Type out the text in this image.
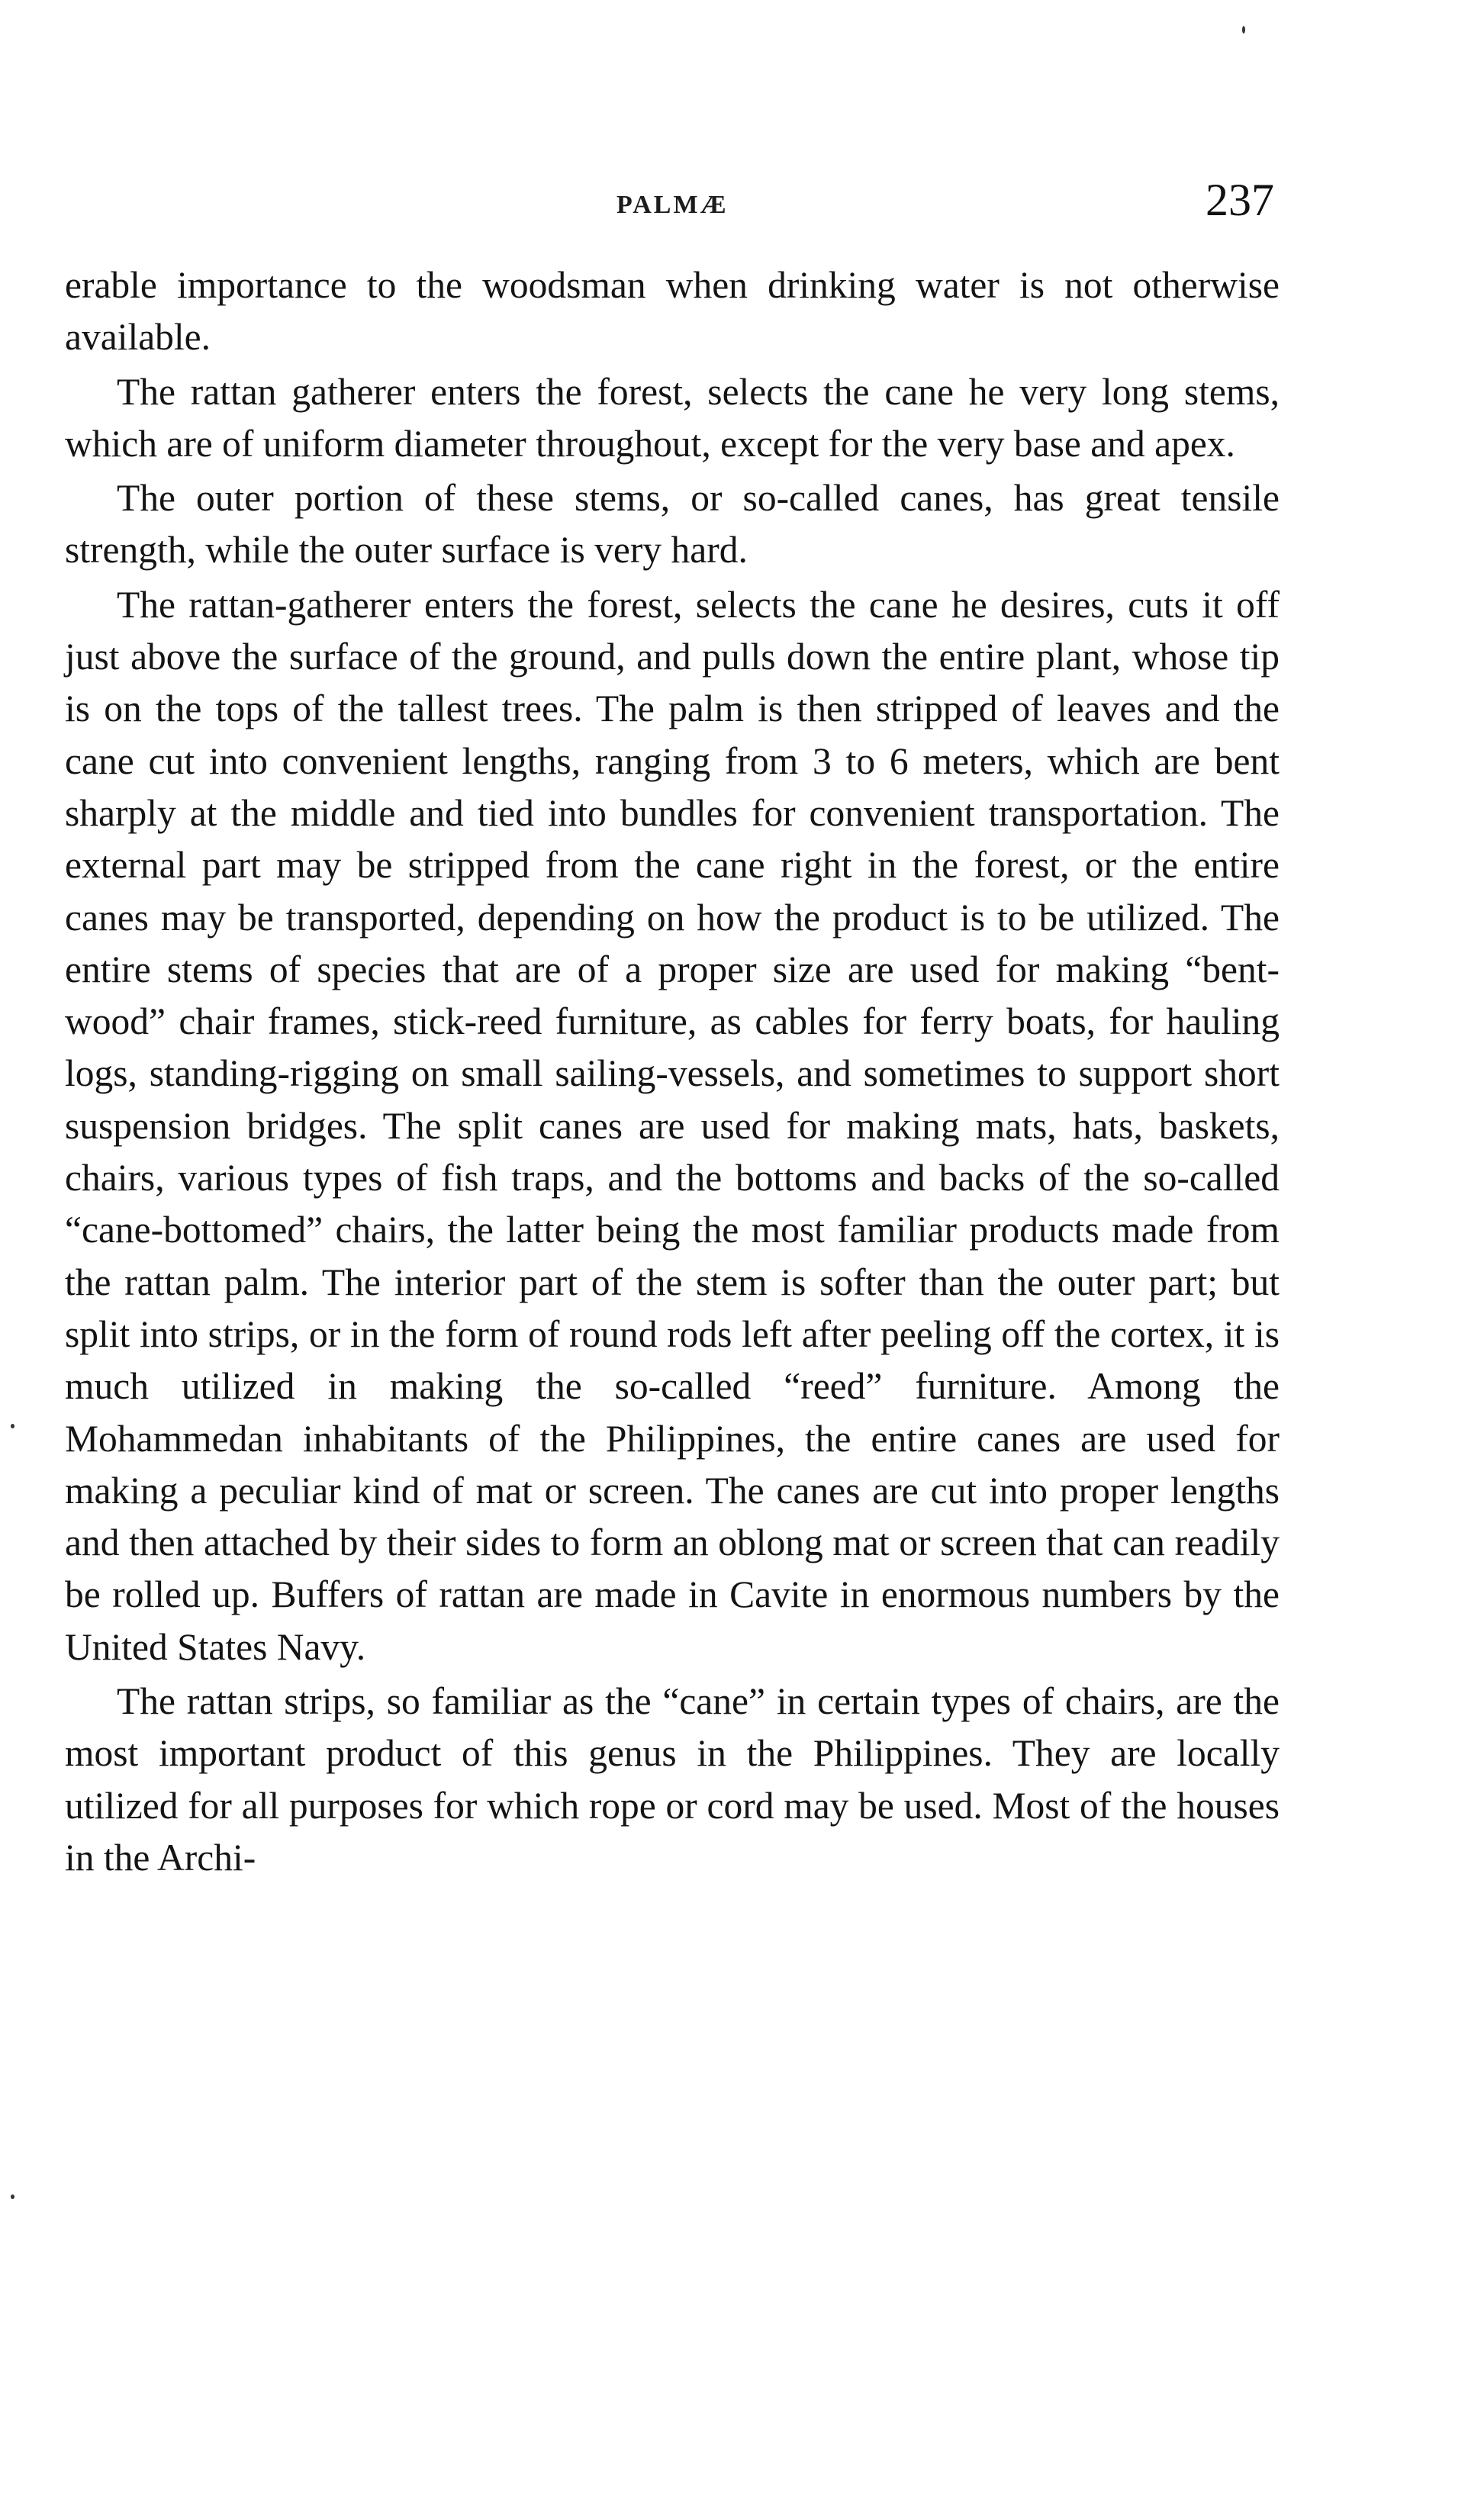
PALMÆ	237

erable importance to the woodsman when drinking water is not otherwise available.

The rattan gatherer enters the forest, selects the cane he very long stems, which are of uniform diameter throughout, except for the very base and apex.

The outer portion of these stems, or so-called canes, has great tensile strength, while the outer surface is very hard.

The rattan-gatherer enters the forest, selects the cane he desires, cuts it off just above the surface of the ground, and pulls down the entire plant, whose tip is on the tops of the tallest trees. The palm is then stripped of leaves and the cane cut into convenient lengths, ranging from 3 to 6 meters, which are bent sharply at the middle and tied into bundles for convenient transportation. The external part may be stripped from the cane right in the forest, or the entire canes may be transported, depending on how the product is to be utilized. The entire stems of species that are of a proper size are used for making “bent-wood” chair frames, stick-reed furniture, as cables for ferry boats, for hauling logs, standing-rigging on small sailing-vessels, and sometimes to support short suspension bridges. The split canes are used for making mats, hats, baskets, chairs, various types of fish traps, and the bottoms and backs of the so-called “cane-bottomed” chairs, the latter being the most familiar products made from the rattan palm. The interior part of the stem is softer than the outer part; but split into strips, or in the form of round rods left after peeling off the cortex, it is much utilized in making the so-called “reed” furniture. Among the Mohammedan inhabitants of the Philippines, the entire canes are used for making a peculiar kind of mat or screen. The canes are cut into proper lengths and then attached by their sides to form an oblong mat or screen that can readily be rolled up. Buffers of rattan are made in Cavite in enormous numbers by the United States Navy.

The rattan strips, so familiar as the “cane” in certain types of chairs, are the most important product of this genus in the Philippines. They are locally utilized for all purposes for which rope or cord may be used. Most of the houses in the Archi-
